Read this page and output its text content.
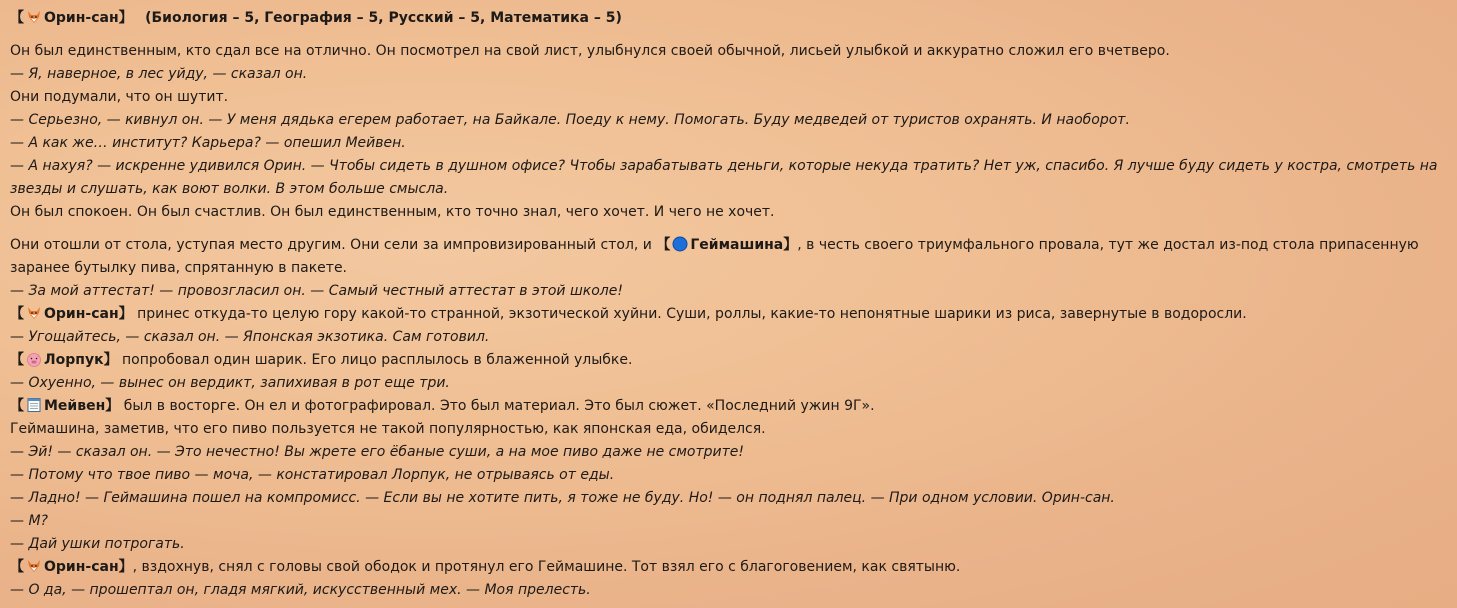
【 Орин-сан】 (Биология – 5, География – 5, Русский – 5, Математика – 5)
Он был единственным, кто сдал все на отлично. Он посмотрел на свой лист, улыбнулся своей обычной, лисьей улыбкой и аккуратно сложил его вчетверо.
— Я, наверное, в лес уйду, — сказал он.
Они подумали, что он шутит.
— Серьезно, — кивнул он. — У меня дядька егерем работает, на Байкале. Поеду к нему. Помогать. Буду медведей от туристов охранять. И наоборот.
— А как же… институт? Карьера? — опешил Мейвен.
— А нахуя? — искренне удивился Орин. — Чтобы сидеть в душном офисе? Чтобы зарабатывать деньги, которые некуда тратить? Нет уж, спасибо. Я лучше буду сидеть у костра, смотреть на звезды и слушать, как воют волки. В этом больше смысла.
Он был спокоен. Он был счастлив. Он был единственным, кто точно знал, чего хочет. И чего не хочет.
Они отошли от стола, уступая место другим. Они сели за импровизированный стол, и 【 Геймашина】, в честь своего триумфального провала, тут же достал из-под стола припасенную заранее бутылку пива, спрятанную в пакете.
— За мой аттестат! — провозгласил он. — Самый честный аттестат в этой школе!
【 Орин-сан】 принес откуда-то целую гору какой-то странной, экзотической хуйни. Суши, роллы, какие-то непонятные шарики из риса, завернутые в водоросли.
— Угощайтесь, — сказал он. — Японская экзотика. Сам готовил.
【 Лорпук】 попробовал один шарик. Его лицо расплылось в блаженной улыбке.
— Охуенно, — вынес он вердикт, запихивая в рот еще три.
【 Мейвен】 был в восторге. Он ел и фотографировал. Это был материал. Это был сюжет. «Последний ужин 9Г».
Геймашина, заметив, что его пиво пользуется не такой популярностью, как японская еда, обиделся.
— Эй! — сказал он. — Это нечестно! Вы жрете его ёбаные суши, а на мое пиво даже не смотрите!
— Потому что твое пиво — моча, — констатировал Лорпук, не отрываясь от еды.
— Ладно! — Геймашина пошел на компромисс. — Если вы не хотите пить, я тоже не буду. Но! — он поднял палец. — При одном условии. Орин-сан.
— М?
— Дай ушки потрогать.
【 Орин-сан】, вздохнув, снял с головы свой ободок и протянул его Геймашине. Тот взял его с благоговением, как святыню.
— О да, — прошептал он, гладя мягкий, искусственный мех. — Моя прелесть.
